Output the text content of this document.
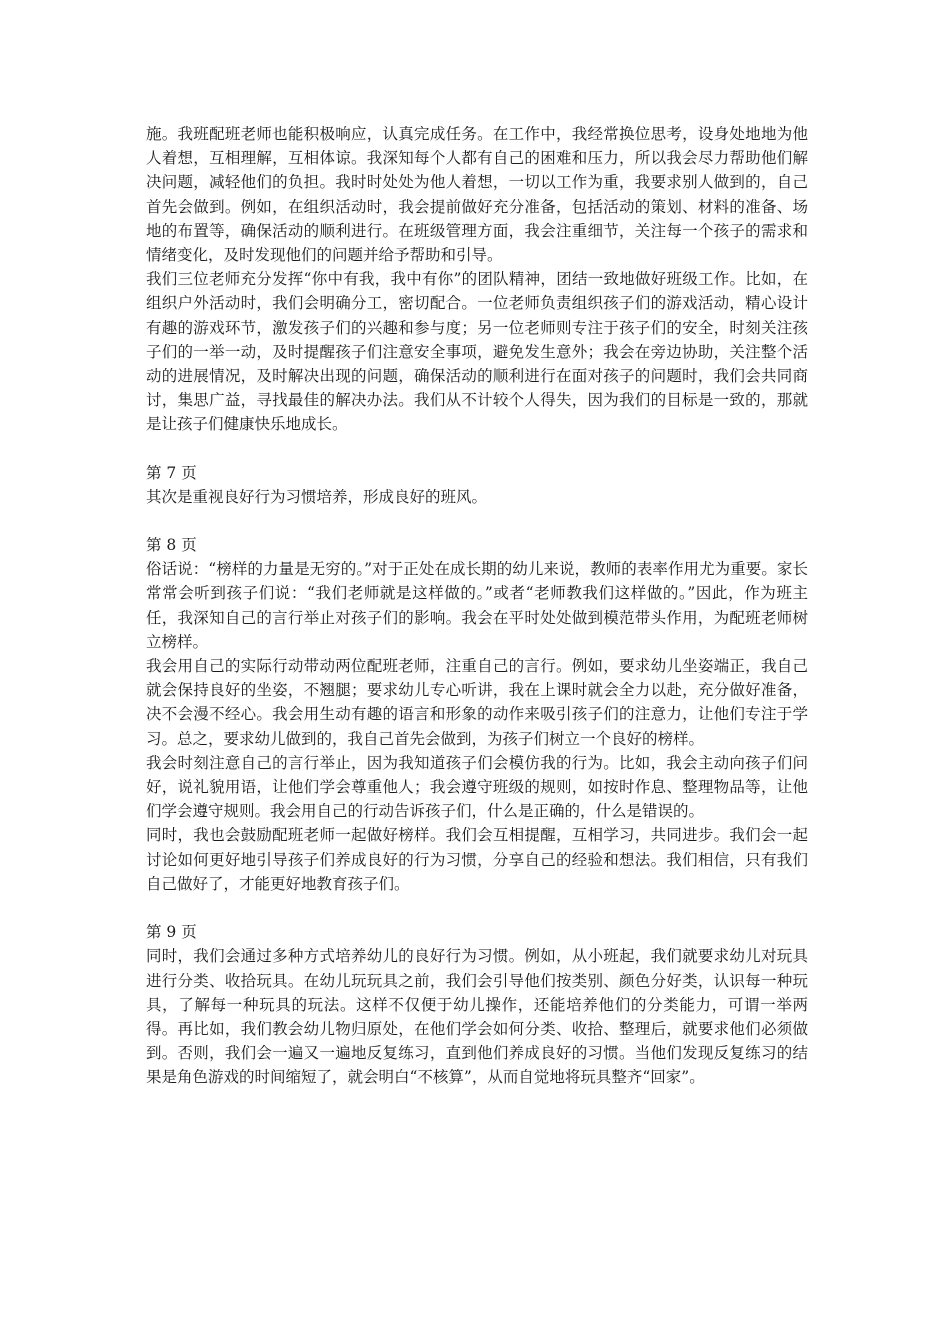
施。我班配班老师也能积极响应，认真完成任务。在工作中，我经常换位思考，设身处地地为他人着想，互相理解，互相体谅。我深知每个人都有自己的困难和压力，所以我会尽力帮助他们解决问题，减轻他们的负担。我时时处处为他人着想，一切以工作为重，我要求别人做到的，自己首先会做到。例如，在组织活动时，我会提前做好充分准备，包括活动的策划、材料的准备、场地的布置等，确保活动的顺利进行。在班级管理方面，我会注重细节，关注每一个孩子的需求和情绪变化，及时发现他们的问题并给予帮助和引导。

我们三位老师充分发挥“你中有我，我中有你”的团队精神，团结一致地做好班级工作。比如，在组织户外活动时，我们会明确分工，密切配合。一位老师负责组织孩子们的游戏活动，精心设计有趣的游戏环节，激发孩子们的兴趣和参与度；另一位老师则专注于孩子们的安全，时刻关注孩子们的一举一动，及时提醒孩子们注意安全事项，避免发生意外；我会在旁边协助，关注整个活动的进展情况，及时解决出现的问题，确保活动的顺利进行在面对孩子的问题时，我们会共同商讨，集思广益，寻找最佳的解决办法。我们从不计较个人得失，因为我们的目标是一致的，那就是让孩子们健康快乐地成长。

第 7 页

其次是重视良好行为习惯培养，形成良好的班风。

第 8 页

俗话说：“榜样的力量是无穷的。”对于正处在成长期的幼儿来说，教师的表率作用尤为重要。家长常常会听到孩子们说：“我们老师就是这样做的。”或者“老师教我们这样做的。”因此，作为班主任，我深知自己的言行举止对孩子们的影响。我会在平时处处做到模范带头作用，为配班老师树立榜样。

我会用自己的实际行动带动两位配班老师，注重自己的言行。例如，要求幼儿坐姿端正，我自己就会保持良好的坐姿，不翘腿；要求幼儿专心听讲，我在上课时就会全力以赴，充分做好准备，决不会漫不经心。我会用生动有趣的语言和形象的动作来吸引孩子们的注意力，让他们专注于学习。总之，要求幼儿做到的，我自己首先会做到，为孩子们树立一个良好的榜样。

我会时刻注意自己的言行举止，因为我知道孩子们会模仿我的行为。比如，我会主动向孩子们问好，说礼貌用语，让他们学会尊重他人；我会遵守班级的规则，如按时作息、整理物品等，让他们学会遵守规则。我会用自己的行动告诉孩子们，什么是正确的，什么是错误的。

同时，我也会鼓励配班老师一起做好榜样。我们会互相提醒，互相学习，共同进步。我们会一起讨论如何更好地引导孩子们养成良好的行为习惯，分享自己的经验和想法。我们相信，只有我们自己做好了，才能更好地教育孩子们。

第 9 页

同时，我们会通过多种方式培养幼儿的良好行为习惯。例如，从小班起，我们就要求幼儿对玩具进行分类、收拾玩具。在幼儿玩玩具之前，我们会引导他们按类别、颜色分好类，认识每一种玩具，了解每一种玩具的玩法。这样不仅便于幼儿操作，还能培养他们的分类能力，可谓一举两得。再比如，我们教会幼儿物归原处，在他们学会如何分类、收拾、整理后，就要求他们必须做到。否则，我们会一遍又一遍地反复练习，直到他们养成良好的习惯。当他们发现反复练习的结果是角色游戏的时间缩短了，就会明白“不核算”，从而自觉地将玩具整齐“回家”。
